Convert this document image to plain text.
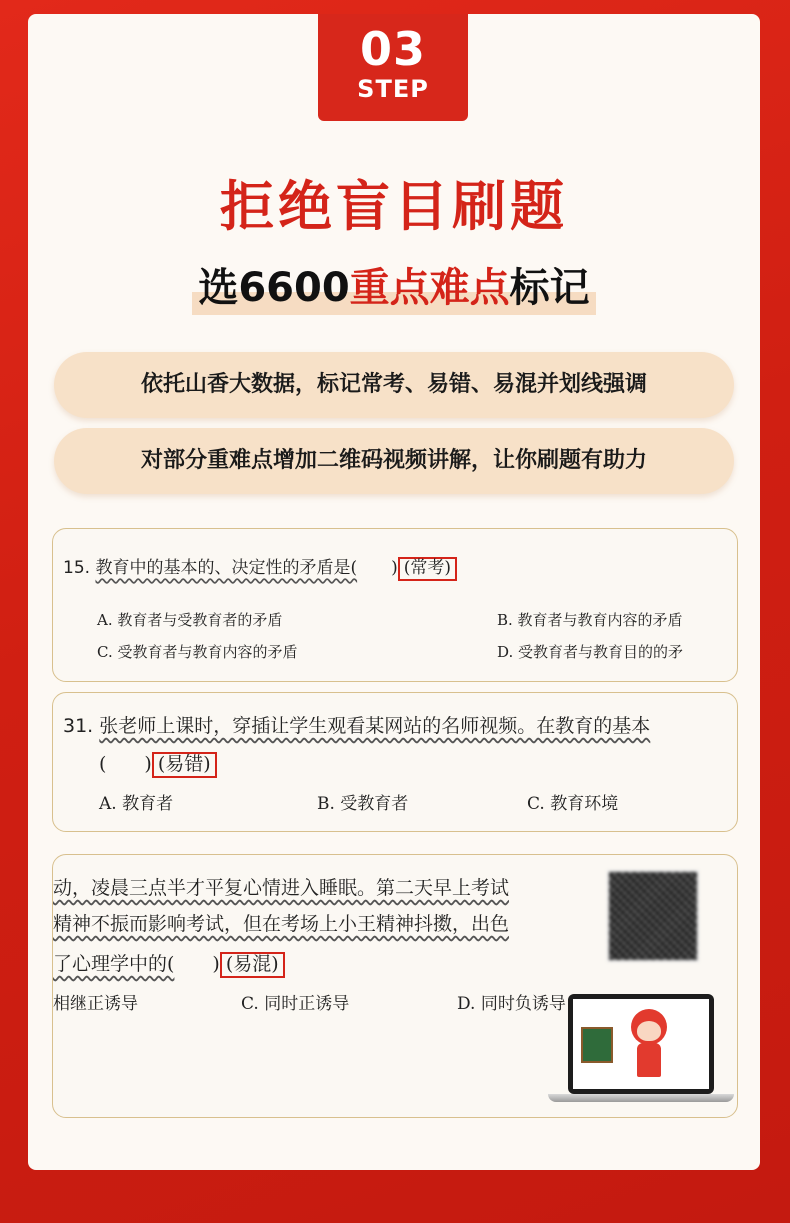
03
STEP
拒绝盲目刷题
选6600重点难点标记
依托山香大数据，标记常考、易错、易混并划线强调
对部分重难点增加二维码视频讲解，让你刷题有助力
15. 教育中的基本的、决定性的矛盾是(　　) (常考)
A. 教育者与受教育者的矛盾	B. 教育者与教育内容的矛盾
C. 受教育者与教育内容的矛盾	D. 受教育者与教育目的的矛
31. 张老师上课时，穿插让学生观看某网站的名师视频。在教育的基本
(　　) (易错)
A. 教育者	B. 受教育者	C. 教育环境
动，凌晨三点半才平复心情进入睡眠。第二天早上考试
精神不振而影响考试，但在考场上小王精神抖擞，出色
了心理学中的(　　) (易混)
相继正诱导	C. 同时正诱导	D. 同时负诱导
